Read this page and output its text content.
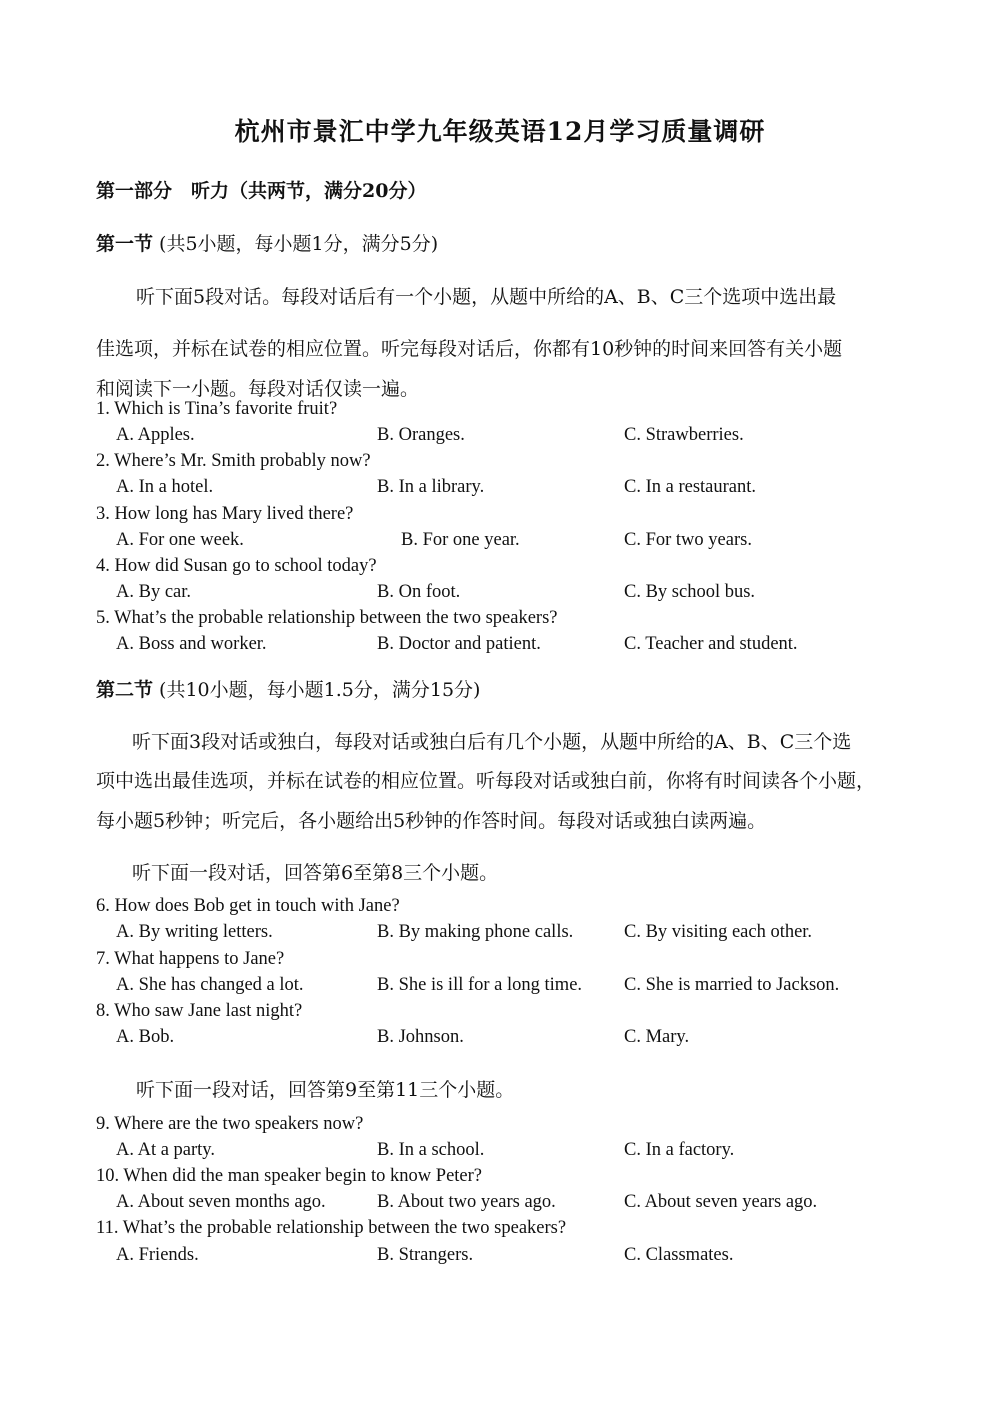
杭州市景汇中学九年级英语12月学习质量调研
第一部分　听力（共两节，满分20分）
第一节 (共5小题，每小题1分，满分5分)
听下面5段对话。每段对话后有一个小题，从题中所给的A、B、C三个选项中选出最
佳选项，并标在试卷的相应位置。听完每段对话后，你都有10秒钟的时间来回答有关小题
和阅读下一小题。每段对话仅读一遍。
1. Which is Tina’s favorite fruit?
A. Apples.	B. Oranges.	C. Strawberries.
2. Where’s Mr. Smith probably now?
A. In a hotel.	B. In a library.	C. In a restaurant.
3. How long has Mary lived there?
A. For one week.	B. For one year.	C. For two years.
4. How did Susan go to school today?
A. By car.	B. On foot.	C. By school bus.
5. What’s the probable relationship between the two speakers?
A. Boss and worker.	B. Doctor and patient.	C. Teacher and student.
第二节 (共10小题，每小题1.5分，满分15分)
听下面3段对话或独白，每段对话或独白后有几个小题，从题中所给的A、B、C三个选
项中选出最佳选项，并标在试卷的相应位置。听每段对话或独白前，你将有时间读各个小题，
每小题5秒钟；听完后，各小题给出5秒钟的作答时间。每段对话或独白读两遍。
听下面一段对话，回答第6至第8三个小题。
6. How does Bob get in touch with Jane?
A. By writing letters.	B. By making phone calls.	C. By visiting each other.
7. What happens to Jane?
A. She has changed a lot.	B. She is ill for a long time. C. She is married to Jackson.
8. Who saw Jane last night?
A. Bob.	B. Johnson.	C. Mary.
听下面一段对话，回答第9至第11三个小题。
9. Where are the two speakers now?
A. At a party.	B. In a school.	C. In a factory.
10. When did the man speaker begin to know Peter?
A. About seven months ago.	B. About two years ago.	C. About seven years ago.
11. What’s the probable relationship between the two speakers?
A. Friends.	B. Strangers.	C. Classmates.
